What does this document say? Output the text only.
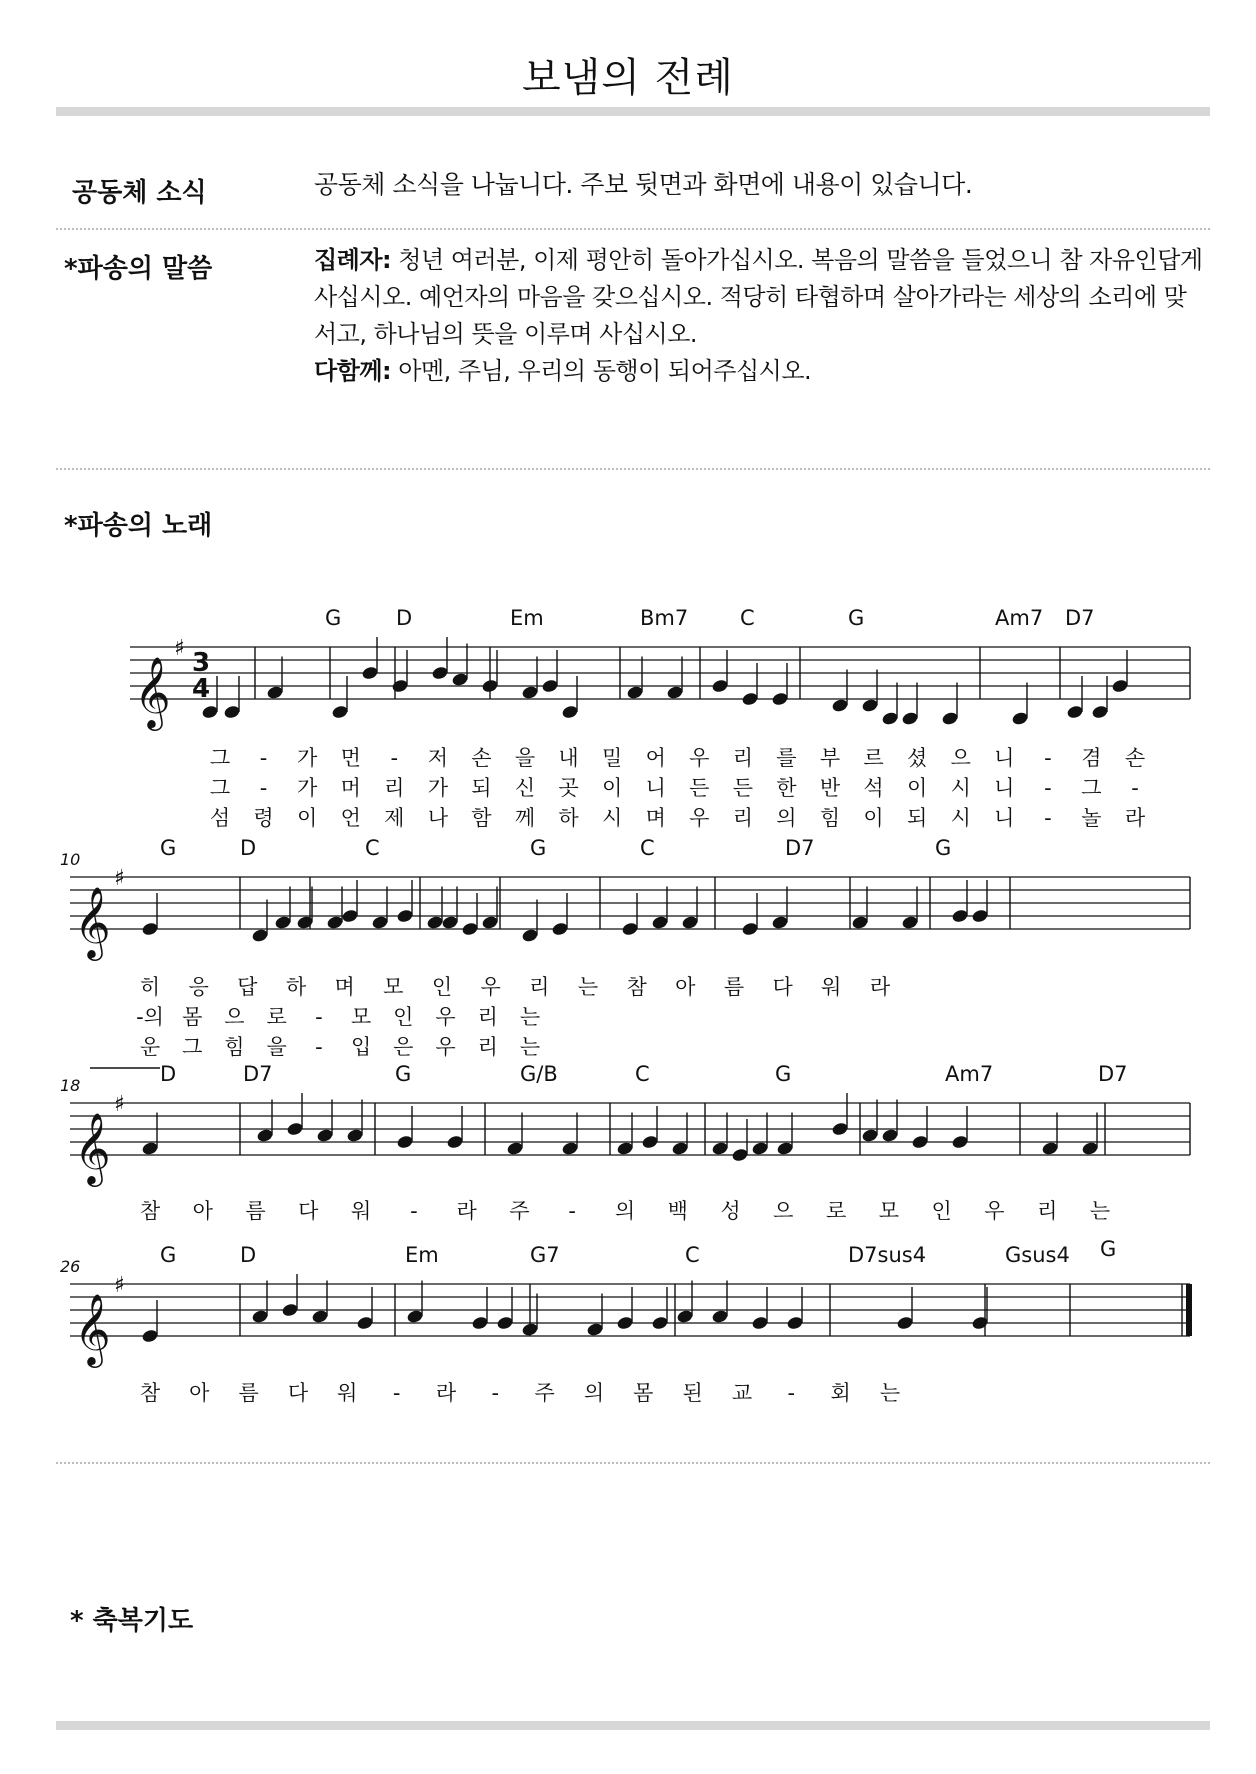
보냄의 전례
공동체 소식	공동체 소식을 나눕니다. 주보 뒷면과 화면에 내용이 있습니다.
*파송의 말씀	집례자: 청년 여러분, 이제 평안히 돌아가십시오. 복음의 말씀을 들었으니 참 자유인답게
사십시오. 예언자의 마음을 갖으십시오. 적당히 타협하며 살아가라는 세상의 소리에 맞
서고, 하나님의 뜻을 이루며 사십시오.
다함께: 아멘, 주님, 우리의 동행이 되어주십시오.
*파송의 노래
𝄞
♯ 3
4
G	D	Em	Bm7 C	G	Am7 D7
𝄞
♯
10	G	D	C	G	C	D7	G
𝄞
♯
18	D	D7	G	G/B	C	G	Am7	D7
𝄞
♯
26	G	D	Em	G7	C	D7sus4	Gsus4 G
그 - 가 먼 - 저 손 을 내 밀 어 우 리 를 부 르 셨 으 니 - 겸 손
그 - 가 머 리 가 되 신 곳 이 니 든 든 한 반 석 이 시 니 - 그 -
섬 령 이 언 제 나 함 께 하 시 며 우 리 의 힘 이 되 시 니 - 놀 라
히 응 답 하 며 모 인 우 리 는 참 아 름 다 워 라
-의 몸 으 로 - 모 인 우 리 는
운 그 힘 을 - 입 은 우 리 는
참 아 름 다 워 - 라 주 - 의 백 성 으 로 모 인 우 리 는
참 아 름 다 워 - 라 - 주 의 몸 된 교 - 회 는
* 축복기도
